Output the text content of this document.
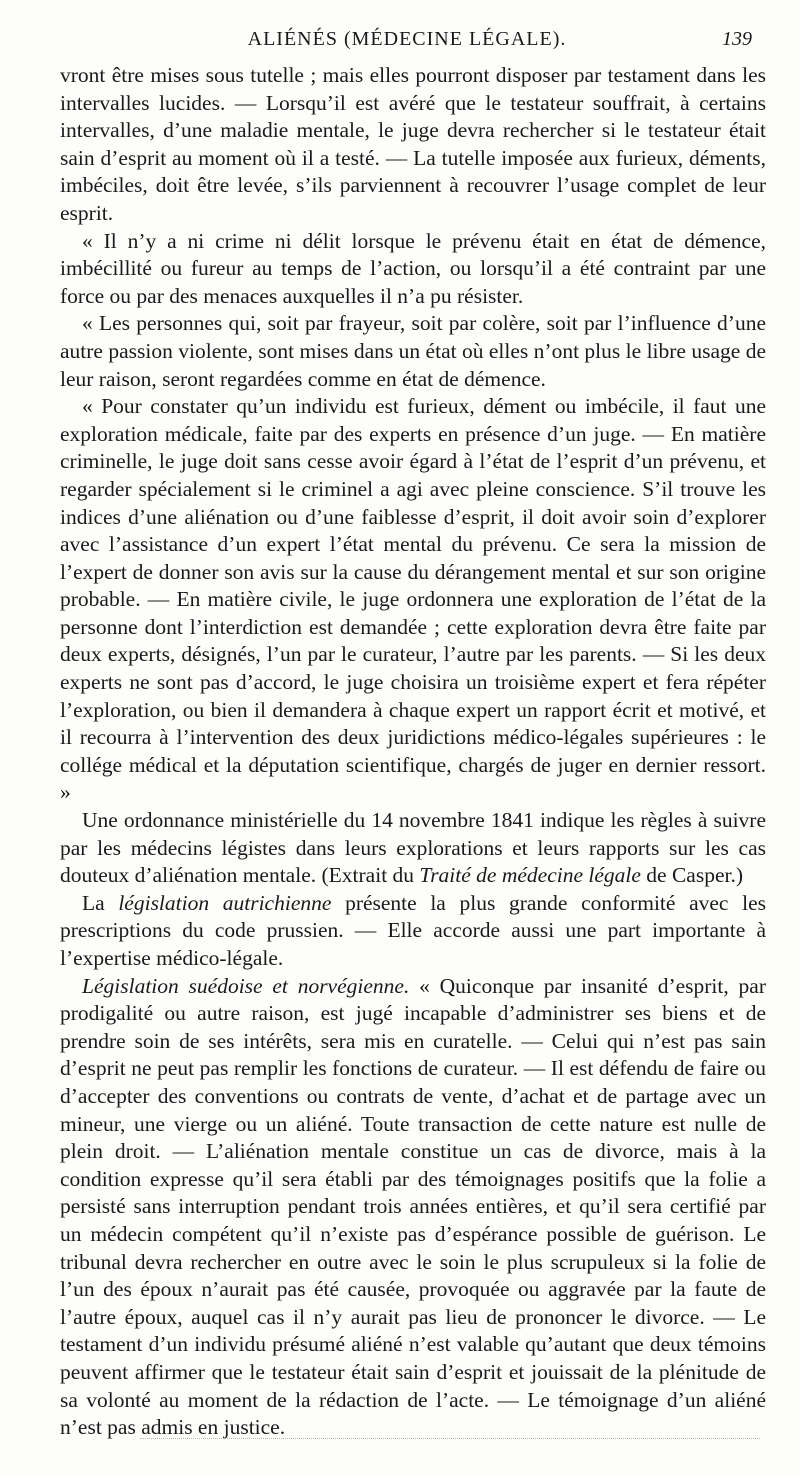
ALIÉNÉS (MÉDECINE LÉGALE).	139

vront être mises sous tutelle ; mais elles pourront disposer par testament dans les intervalles lucides. — Lorsqu’il est avéré que le testateur souffrait, à certains intervalles, d’une maladie mentale, le juge devra rechercher si le testateur était sain d’esprit au moment où il a testé. — La tutelle imposée aux furieux, déments, imbéciles, doit être levée, s’ils parviennent à recouvrer l’usage complet de leur esprit.

« Il n’y a ni crime ni délit lorsque le prévenu était en état de démence, imbécillité ou fureur au temps de l’action, ou lorsqu’il a été contraint par une force ou par des menaces auxquelles il n’a pu résister.

« Les personnes qui, soit par frayeur, soit par colère, soit par l’influence d’une autre passion violente, sont mises dans un état où elles n’ont plus le libre usage de leur raison, seront regardées comme en état de démence.

« Pour constater qu’un individu est furieux, dément ou imbécile, il faut une exploration médicale, faite par des experts en présence d’un juge. — En matière criminelle, le juge doit sans cesse avoir égard à l’état de l’esprit d’un prévenu, et regarder spécialement si le criminel a agi avec pleine conscience. S’il trouve les indices d’une aliénation ou d’une faiblesse d’esprit, il doit avoir soin d’explorer avec l’assistance d’un expert l’état mental du prévenu. Ce sera la mission de l’expert de donner son avis sur la cause du dérangement mental et sur son origine probable. — En matière civile, le juge ordonnera une exploration de l’état de la personne dont l’interdiction est demandée ; cette exploration devra être faite par deux experts, désignés, l’un par le curateur, l’autre par les parents. — Si les deux experts ne sont pas d’accord, le juge choisira un troisième expert et fera répéter l’exploration, ou bien il demandera à chaque expert un rapport écrit et motivé, et il recourra à l’intervention des deux juridictions médico-légales supérieures : le collége médical et la députation scientifique, chargés de juger en dernier ressort. »

Une ordonnance ministérielle du 14 novembre 1841 indique les règles à suivre par les médecins légistes dans leurs explorations et leurs rapports sur les cas douteux d’aliénation mentale. (Extrait du Traité de médecine légale de Casper.)

La législation autrichienne présente la plus grande conformité avec les prescriptions du code prussien. — Elle accorde aussi une part importante à l’expertise médico-légale.

Législation suédoise et norvégienne. « Quiconque par insanité d’esprit, par prodigalité ou autre raison, est jugé incapable d’administrer ses biens et de prendre soin de ses intérêts, sera mis en curatelle. — Celui qui n’est pas sain d’esprit ne peut pas remplir les fonctions de curateur. — Il est défendu de faire ou d’accepter des conventions ou contrats de vente, d’achat et de partage avec un mineur, une vierge ou un aliéné. Toute transaction de cette nature est nulle de plein droit. — L’aliénation mentale constitue un cas de divorce, mais à la condition expresse qu’il sera établi par des témoignages positifs que la folie a persisté sans interruption pendant trois années entières, et qu’il sera certifié par un médecin compétent qu’il n’existe pas d’espérance possible de guérison. Le tribunal devra rechercher en outre avec le soin le plus scrupuleux si la folie de l’un des époux n’aurait pas été causée, provoquée ou aggravée par la faute de l’autre époux, auquel cas il n’y aurait pas lieu de prononcer le divorce. — Le testament d’un individu présumé aliéné n’est valable qu’autant que deux témoins peuvent affirmer que le testateur était sain d’esprit et jouissait de la plénitude de sa volonté au moment de la rédaction de l’acte. — Le témoignage d’un aliéné n’est pas admis en justice.
